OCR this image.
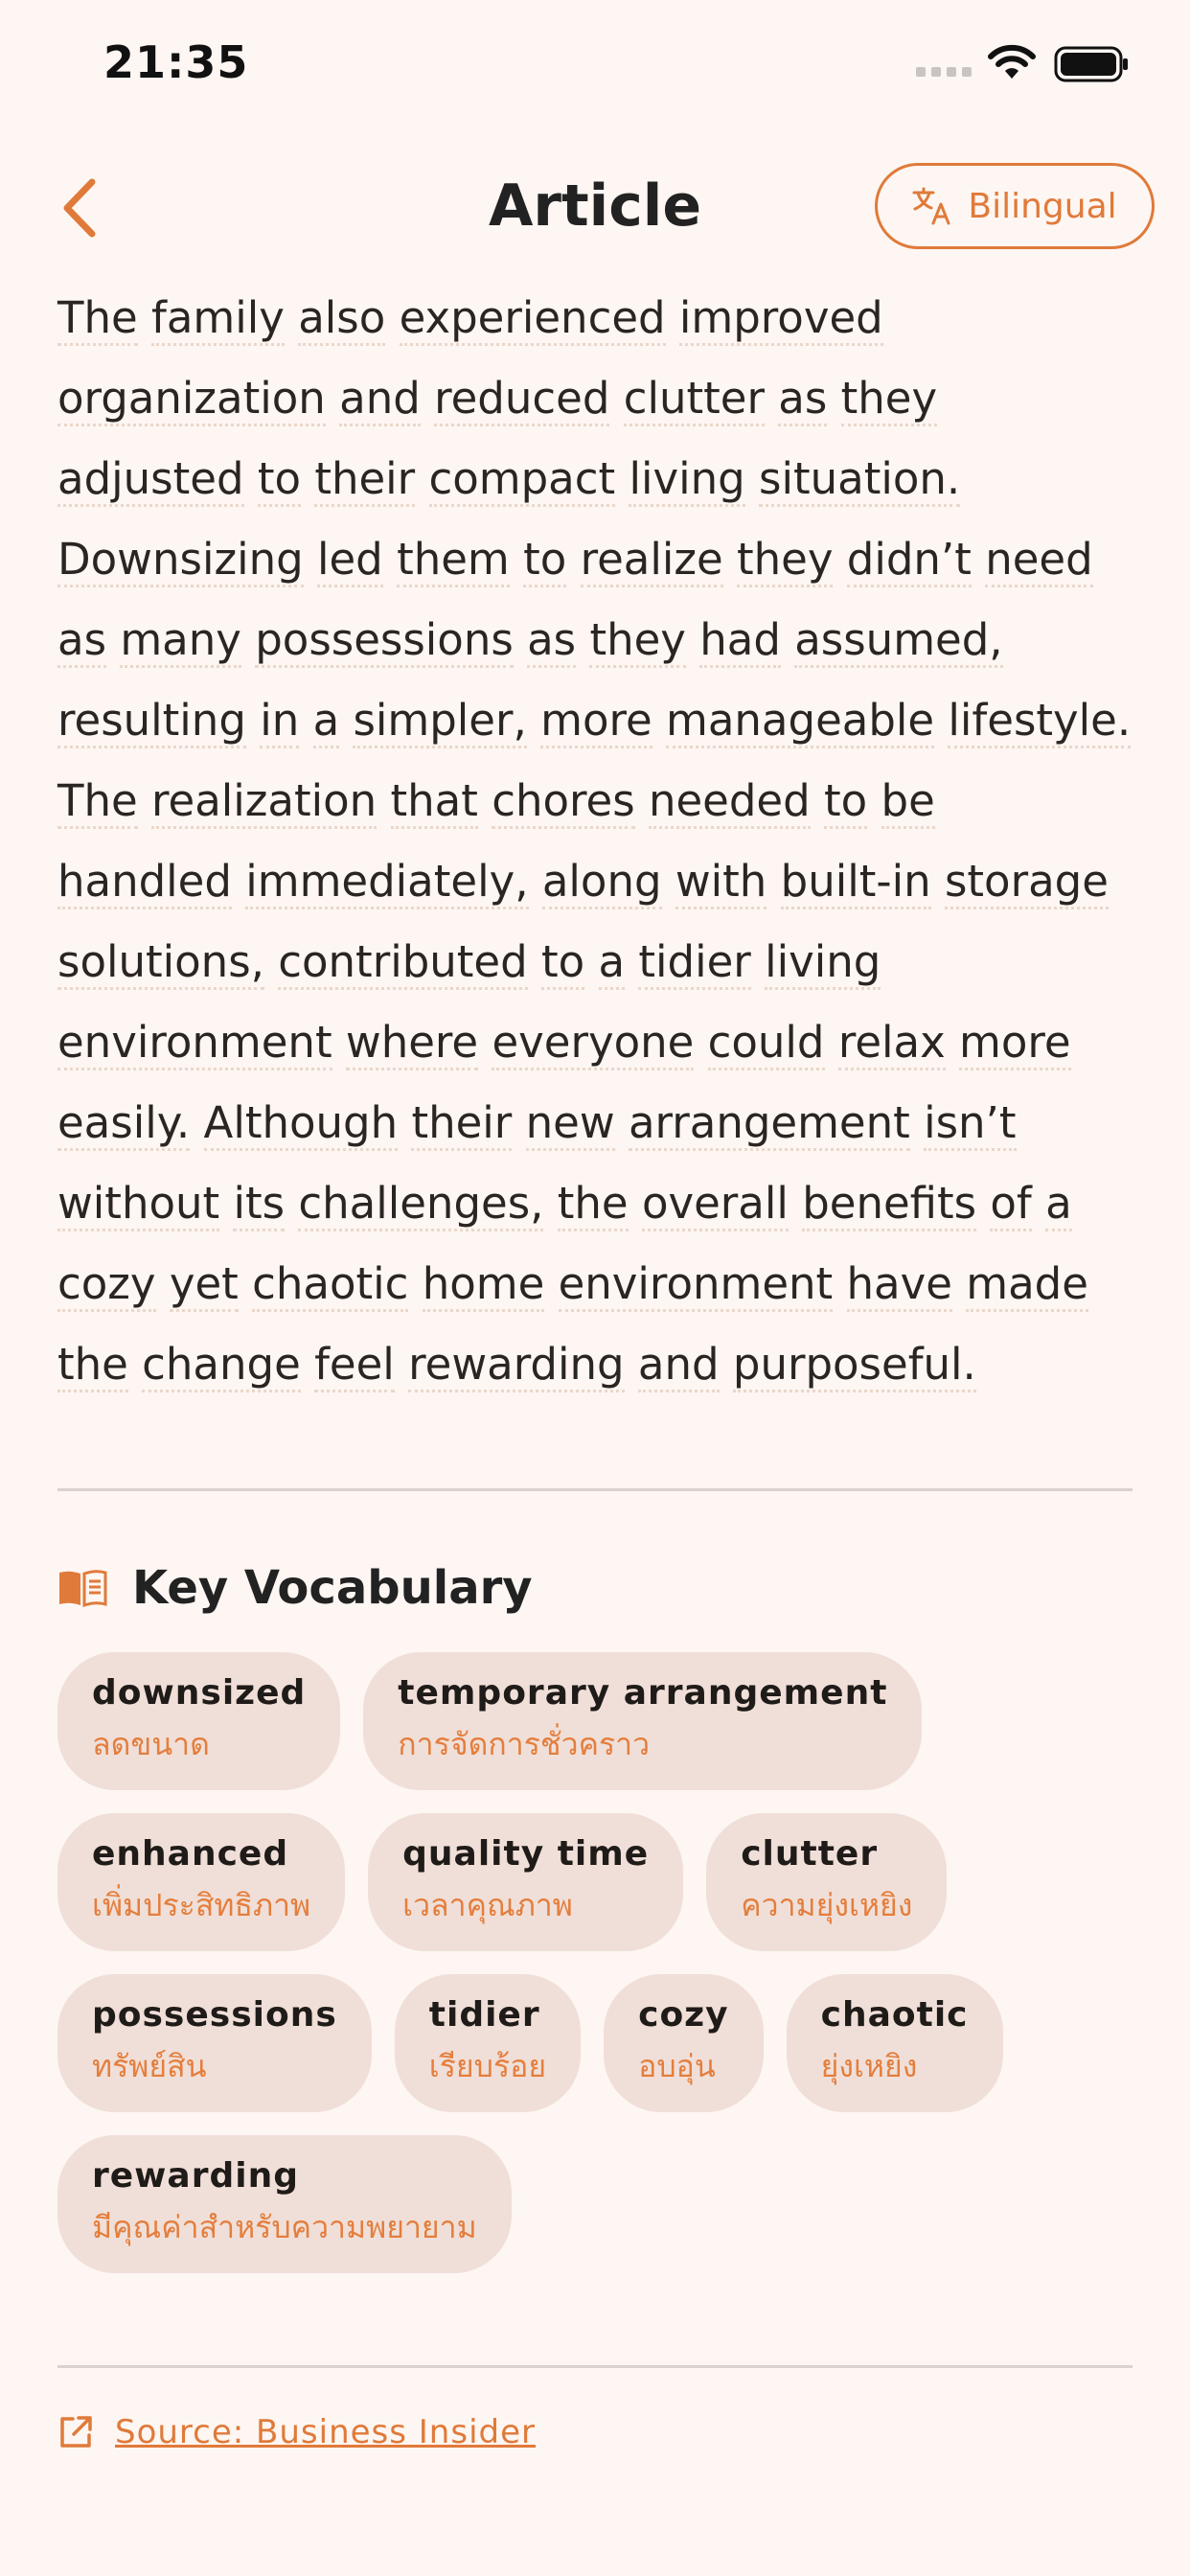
21:35
Article	Bilingual

The family also experienced improved
organization and reduced clutter as they
adjusted to their compact living situation.
Downsizing led them to realize they didn’t need
as many possessions as they had assumed,
resulting in a simpler, more manageable lifestyle.
The realization that chores needed to be
handled immediately, along with built-in storage
solutions, contributed to a tidier living
environment where everyone could relax more
easily. Although their new arrangement isn’t
without its challenges, the overall benefits of a
cozy yet chaotic home environment have made
the change feel rewarding and purposeful.

Key Vocabulary
downsized
ลดขนาด
temporary arrangement
การจัดการชั่วคราว
enhanced
เพิ่มประสิทธิภาพ
quality time
เวลาคุณภาพ
clutter
ความยุ่งเหยิง
possessions
ทรัพย์สิน
tidier
เรียบร้อย
cozy
อบอุ่น
chaotic
ยุ่งเหยิง
rewarding
มีคุณค่าสำหรับความพยายาม
Source: Business Insider
